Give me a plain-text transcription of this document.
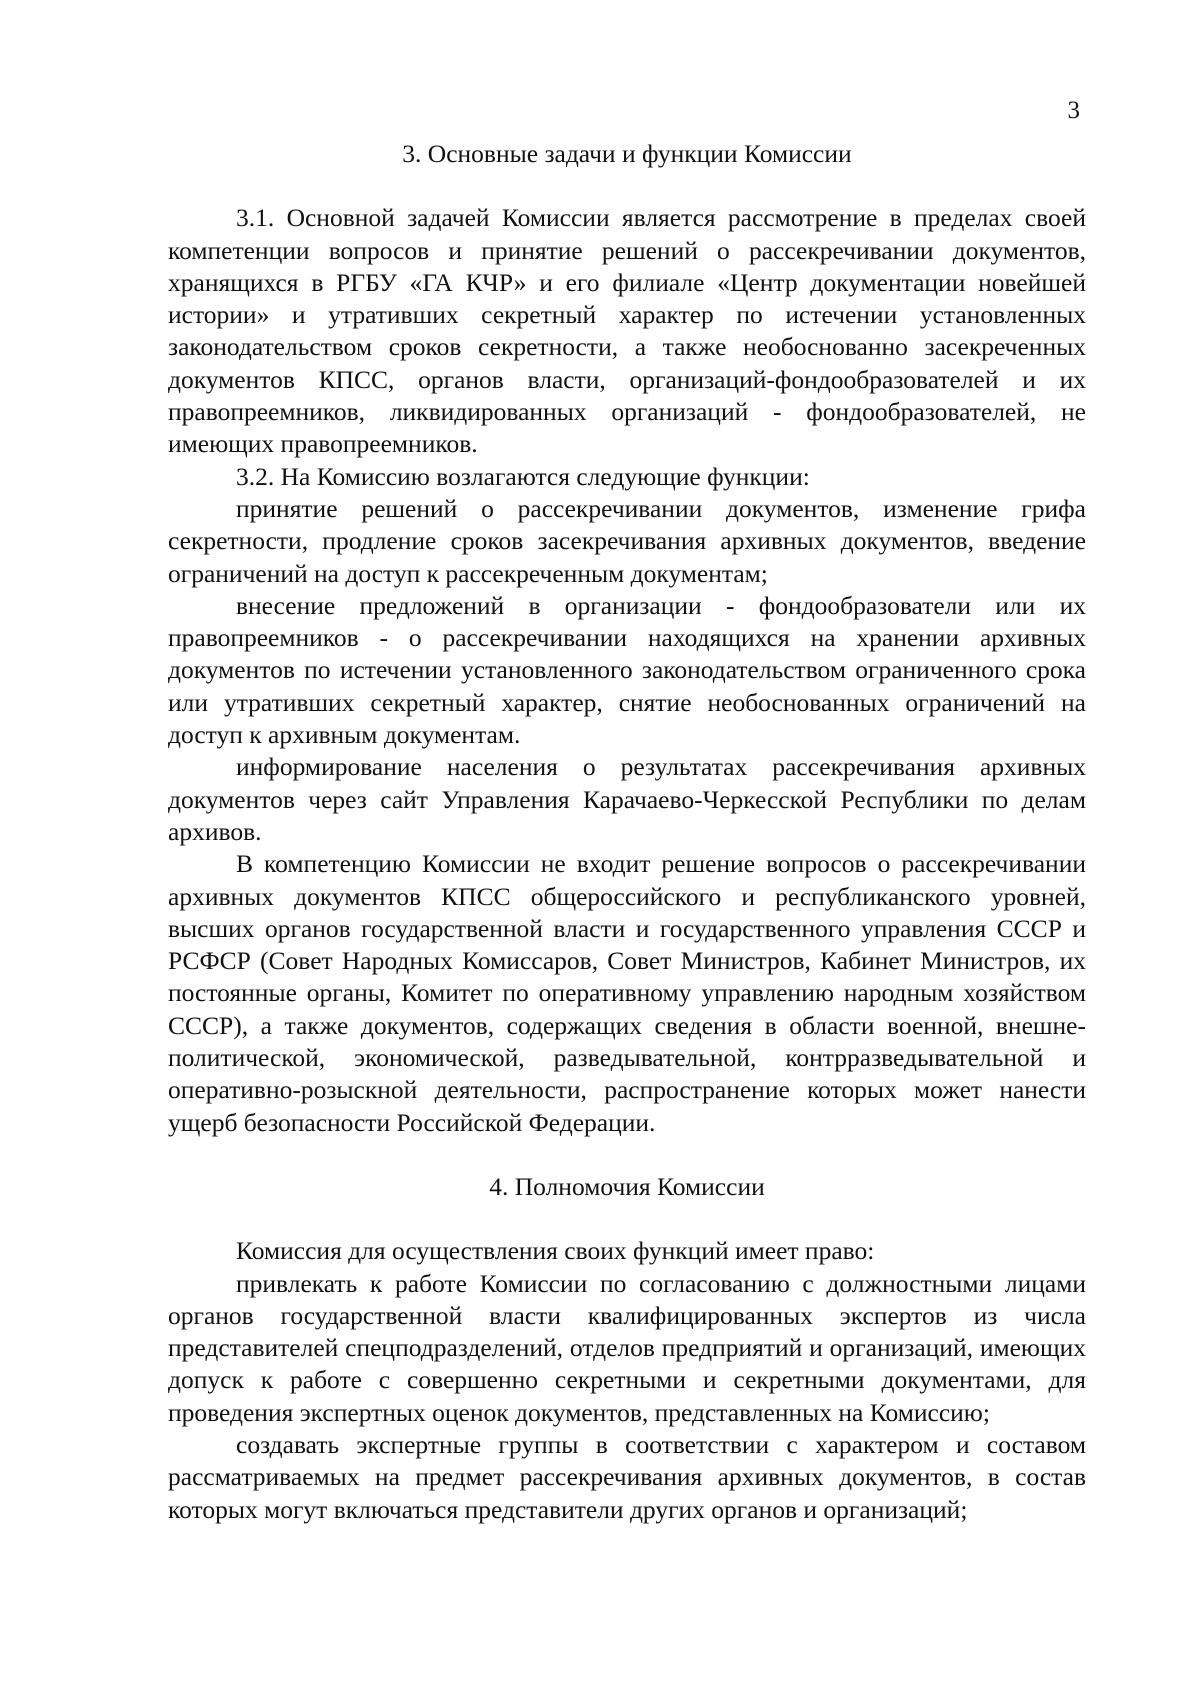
3
3. Основные задачи и функции Комиссии

3.1. Основной задачей Комиссии является рассмотрение в пределах своей компетенции вопросов и принятие решений о рассекречивании документов, хранящихся в РГБУ «ГА КЧР» и его филиале «Центр документации новейшей истории» и утративших секретный характер по истечении установленных законодательством сроков секретности, а также необоснованно засекреченных документов КПСС, органов власти, организаций-фондообразователей и их правопреемников, ликвидированных организаций - фондообразователей, не имеющих правопреемников.

3.2. На Комиссию возлагаются следующие функции:

принятие решений о рассекречивании документов, изменение грифа секретности, продление сроков засекречивания архивных документов, введение ограничений на доступ к рассекреченным документам;

внесение предложений в организации - фондообразователи или их правопреемников - о рассекречивании находящихся на хранении архивных документов по истечении установленного законодательством ограниченного срока или утративших секретный характер, снятие необоснованных ограничений на доступ к архивным документам.

информирование населения о результатах рассекречивания архивных документов через сайт Управления Карачаево-Черкесской Республики по делам архивов.

В компетенцию Комиссии не входит решение вопросов о рассекречивании архивных документов КПСС общероссийского и республиканского уровней, высших органов государственной власти и государственного управления СССР и РСФСР (Совет Народных Комиссаров, Совет Министров, Кабинет Министров, их постоянные органы, Комитет по оперативному управлению народным хозяйством СССР), а также документов, содержащих сведения в области военной, внешне-политической, экономической, разведывательной, контрразведывательной и оперативно-розыскной деятельности, распространение которых может нанести ущерб безопасности Российской Федерации.

4. Полномочия Комиссии

Комиссия для осуществления своих функций имеет право:

привлекать к работе Комиссии по согласованию с должностными лицами органов государственной власти квалифицированных экспертов из числа представителей спецподразделений, отделов предприятий и организаций, имеющих допуск к работе с совершенно секретными и секретными документами, для проведения экспертных оценок документов, представленных на Комиссию;

создавать экспертные группы в соответствии с характером и составом рассматриваемых на предмет рассекречивания архивных документов, в состав которых могут включаться представители других органов и организаций;
